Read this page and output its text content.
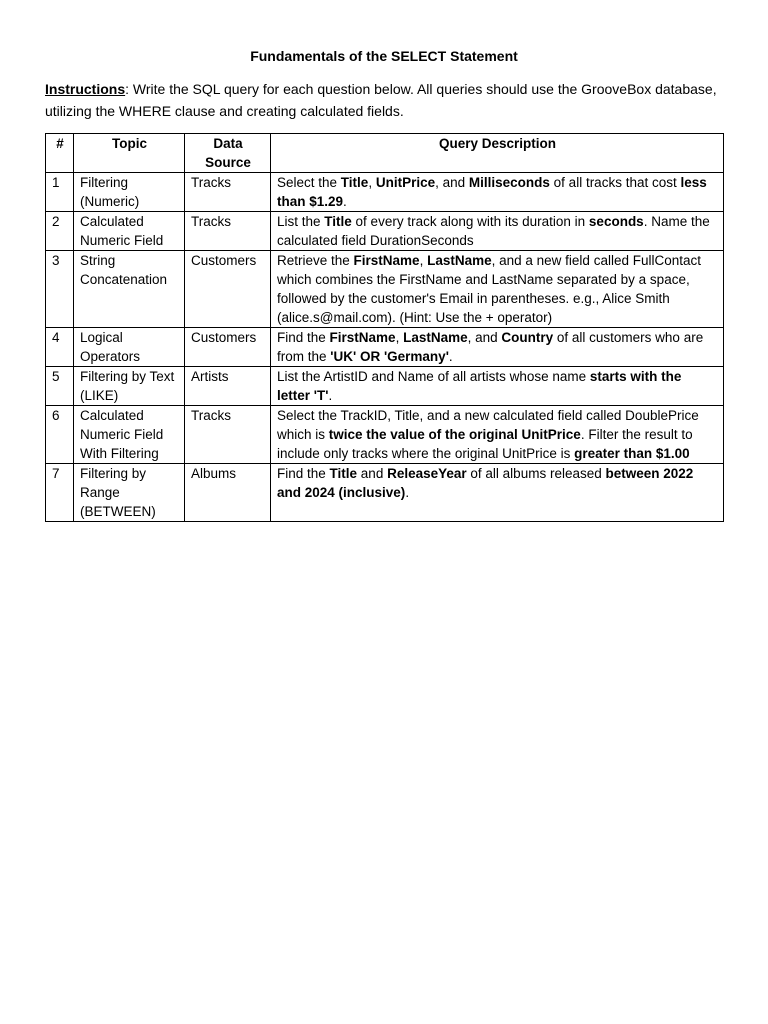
Fundamentals of the SELECT Statement
Instructions: Write the SQL query for each question below. All queries should use the GrooveBox database, utilizing the WHERE clause and creating calculated fields.
#	Topic	Data Source	Query Description
1	Filtering (Numeric)	Tracks	Select the Title, UnitPrice, and Milliseconds of all tracks that cost less than $1.29.
2	Calculated Numeric Field	Tracks	List the Title of every track along with its duration in seconds. Name the calculated field DurationSeconds
3	String Concatenation	Customers	Retrieve the FirstName, LastName, and a new field called FullContact which combines the FirstName and LastName separated by a space, followed by the customer's Email in parentheses. e.g., Alice Smith (alice.s@mail.com). (Hint: Use the + operator)
4	Logical Operators	Customers	Find the FirstName, LastName, and Country of all customers who are from the 'UK' OR 'Germany'.
5	Filtering by Text (LIKE)	Artists	List the ArtistID and Name of all artists whose name starts with the letter 'T'.
6	Calculated Numeric Field With Filtering	Tracks	Select the TrackID, Title, and a new calculated field called DoublePrice which is twice the value of the original UnitPrice. Filter the result to include only tracks where the original UnitPrice is greater than $1.00
7	Filtering by Range (BETWEEN)	Albums	Find the Title and ReleaseYear of all albums released between 2022 and 2024 (inclusive).
